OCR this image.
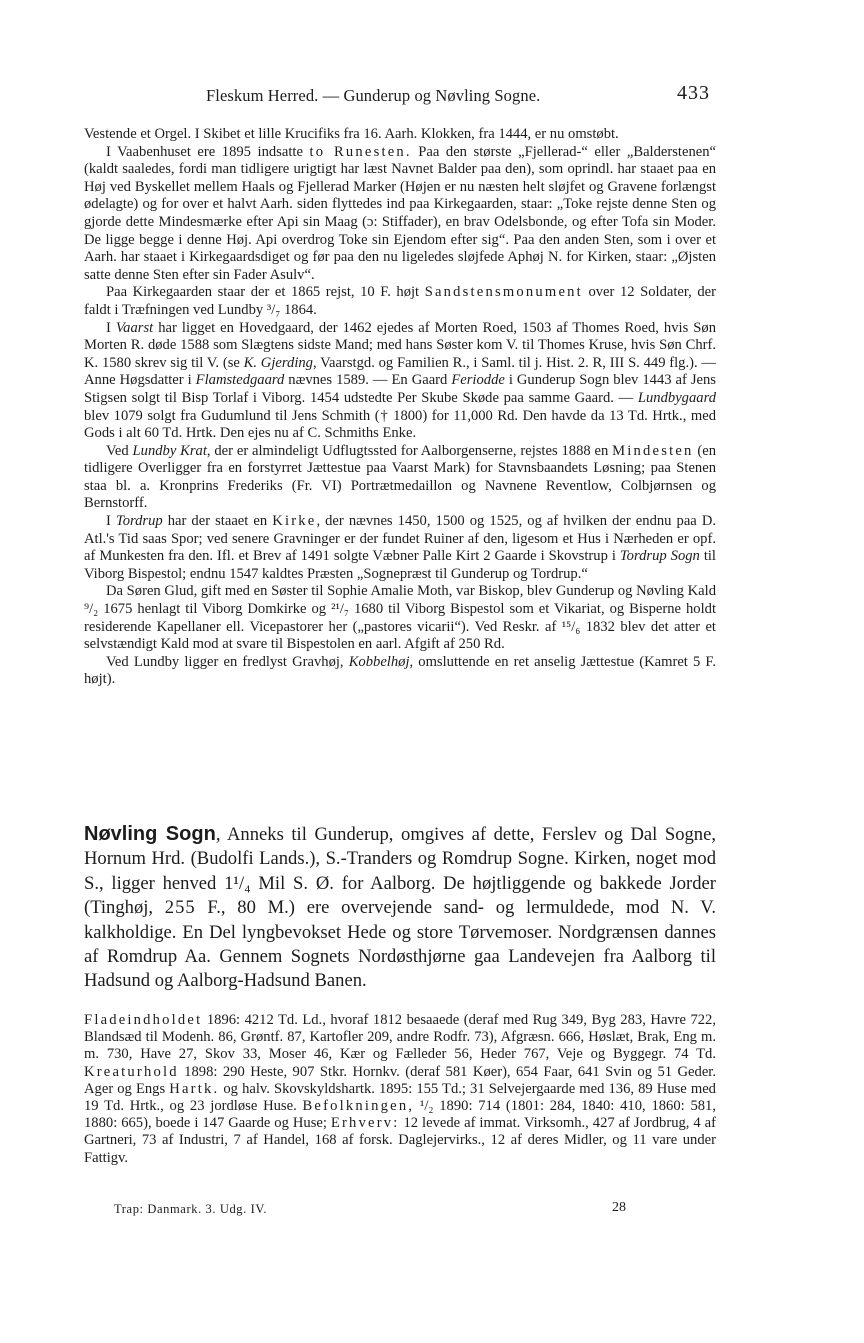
Fleskum Herred. — Gunderup og Nøvling Sogne.	433

Vestende et Orgel. I Skibet et lille Krucifiks fra 16. Aarh. Klokken, fra 1444, er nu omstøbt.

I Vaabenhuset ere 1895 indsatte to Runesten. Paa den største „Fjellerad-“ eller „Balderstenen“ (kaldt saaledes, fordi man tidligere urigtigt har læst Navnet Balder paa den), som oprindl. har staaet paa en Høj ved Byskellet mellem Haals og Fjellerad Marker (Højen er nu næsten helt sløjfet og Gravene forlængst ødelagte) og for over et halvt Aarh. siden flyttedes ind paa Kirkegaarden, staar: „Toke rejste denne Sten og gjorde dette Mindesmærke efter Api sin Maag (ɔ: Stiffader), en brav Odelsbonde, og efter Tofa sin Moder. De ligge begge i denne Høj. Api overdrog Toke sin Ejendom efter sig“. Paa den anden Sten, som i over et Aarh. har staaet i Kirkegaardsdiget og før paa den nu ligeledes sløjfede Aphøj N. for Kirken, staar: „Øjsten satte denne Sten efter sin Fader Asulv“.

Paa Kirkegaarden staar der et 1865 rejst, 10 F. højt Sandstensmonument over 12 Soldater, der faldt i Træfningen ved Lundby ³/₇ 1864.

I Vaarst har ligget en Hovedgaard, der 1462 ejedes af Morten Roed, 1503 af Thomes Roed, hvis Søn Morten R. døde 1588 som Slægtens sidste Mand; med hans Søster kom V. til Thomes Kruse, hvis Søn Chrf. K. 1580 skrev sig til V. (se K. Gjerding, Vaarstgd. og Familien R., i Saml. til j. Hist. 2. R, III S. 449 flg.). — Anne Høgsdatter i Flamstedgaard nævnes 1589. — En Gaard Feriodde i Gunderup Sogn blev 1443 af Jens Stigsen solgt til Bisp Torlaf i Viborg. 1454 udstedte Per Skube Skøde paa samme Gaard. — Lundbygaard blev 1079 solgt fra Gudumlund til Jens Schmith († 1800) for 11,000 Rd. Den havde da 13 Td. Hrtk., med Gods i alt 60 Td. Hrtk. Den ejes nu af C. Schmiths Enke.

Ved Lundby Krat, der er almindeligt Udflugtssted for Aalborgenserne, rejstes 1888 en Mindesten (en tidligere Overligger fra en forstyrret Jættestue paa Vaarst Mark) for Stavnsbaandets Løsning; paa Stenen staa bl. a. Kronprins Frederiks (Fr. VI) Portrætmedaillon og Navnene Reventlow, Colbjørnsen og Bernstorff.

I Tordrup har der staaet en Kirke, der nævnes 1450, 1500 og 1525, og af hvilken der endnu paa D. Atl.'s Tid saas Spor; ved senere Gravninger er der fundet Ruiner af den, ligesom et Hus i Nærheden er opf. af Munkesten fra den. Ifl. et Brev af 1491 solgte Væbner Palle Kirt 2 Gaarde i Skovstrup i Tordrup Sogn til Viborg Bispestol; endnu 1547 kaldtes Præsten „Sognepræst til Gunderup og Tordrup.“

Da Søren Glud, gift med en Søster til Sophie Amalie Moth, var Biskop, blev Gunderup og Nøvling Kald ⁹/₂ 1675 henlagt til Viborg Domkirke og ²¹/₇ 1680 til Viborg Bispestol som et Vikariat, og Bisperne holdt residerende Kapellaner ell. Vicepastorer her („pastores vicarii“). Ved Reskr. af ¹⁵/₆ 1832 blev det atter et selvstændigt Kald mod at svare til Bispestolen en aarl. Afgift af 250 Rd.

Ved Lundby ligger en fredlyst Gravhøj, Kobbelhøj, omsluttende en ret anselig Jættestue (Kamret 5 F. højt).

Nøvling Sogn, Anneks til Gunderup, omgives af dette, Ferslev og Dal Sogne, Hornum Hrd. (Budolfi Lands.), S.-Tranders og Romdrup Sogne. Kirken, noget mod S., ligger henved 1¹/₄ Mil S. Ø. for Aalborg. De højtliggende og bakkede Jorder (Tinghøj, 255 F., 80 M.) ere overvejende sand- og lermuldede, mod N. V. kalkholdige. En Del lyngbevokset Hede og store Tørvemoser. Nordgrænsen dannes af Romdrup Aa. Gennem Sognets Nordøsthjørne gaa Landevejen fra Aalborg til Hadsund og Aalborg-Hadsund Banen.

Fladeindholdet 1896: 4212 Td. Ld., hvoraf 1812 besaaede (deraf med Rug 349, Byg 283, Havre 722, Blandsæd til Modenh. 86, Grøntf. 87, Kartofler 209, andre Rodfr. 73), Afgræsn. 666, Høslæt, Brak, Eng m. m. 730, Have 27, Skov 33, Moser 46, Kær og Fælleder 56, Heder 767, Veje og Byggegr. 74 Td. Kreaturhold 1898: 290 Heste, 907 Stkr. Hornkv. (deraf 581 Køer), 654 Faar, 641 Svin og 51 Geder. Ager og Engs Hartk. og halv. Skovskyldshartk. 1895: 155 Td.; 31 Selvejergaarde med 136, 89 Huse med 19 Td. Hrtk., og 23 jordløse Huse. Befolkningen, ¹/₂ 1890: 714 (1801: 284, 1840: 410, 1860: 581, 1880: 665), boede i 147 Gaarde og Huse; Erhverv: 12 levede af immat. Virksomh., 427 af Jordbrug, 4 af Gartneri, 73 af Industri, 7 af Handel, 168 af forsk. Daglejervirks., 12 af deres Midler, og 11 vare under Fattigv.

Trap: Danmark. 3. Udg. IV.	28
